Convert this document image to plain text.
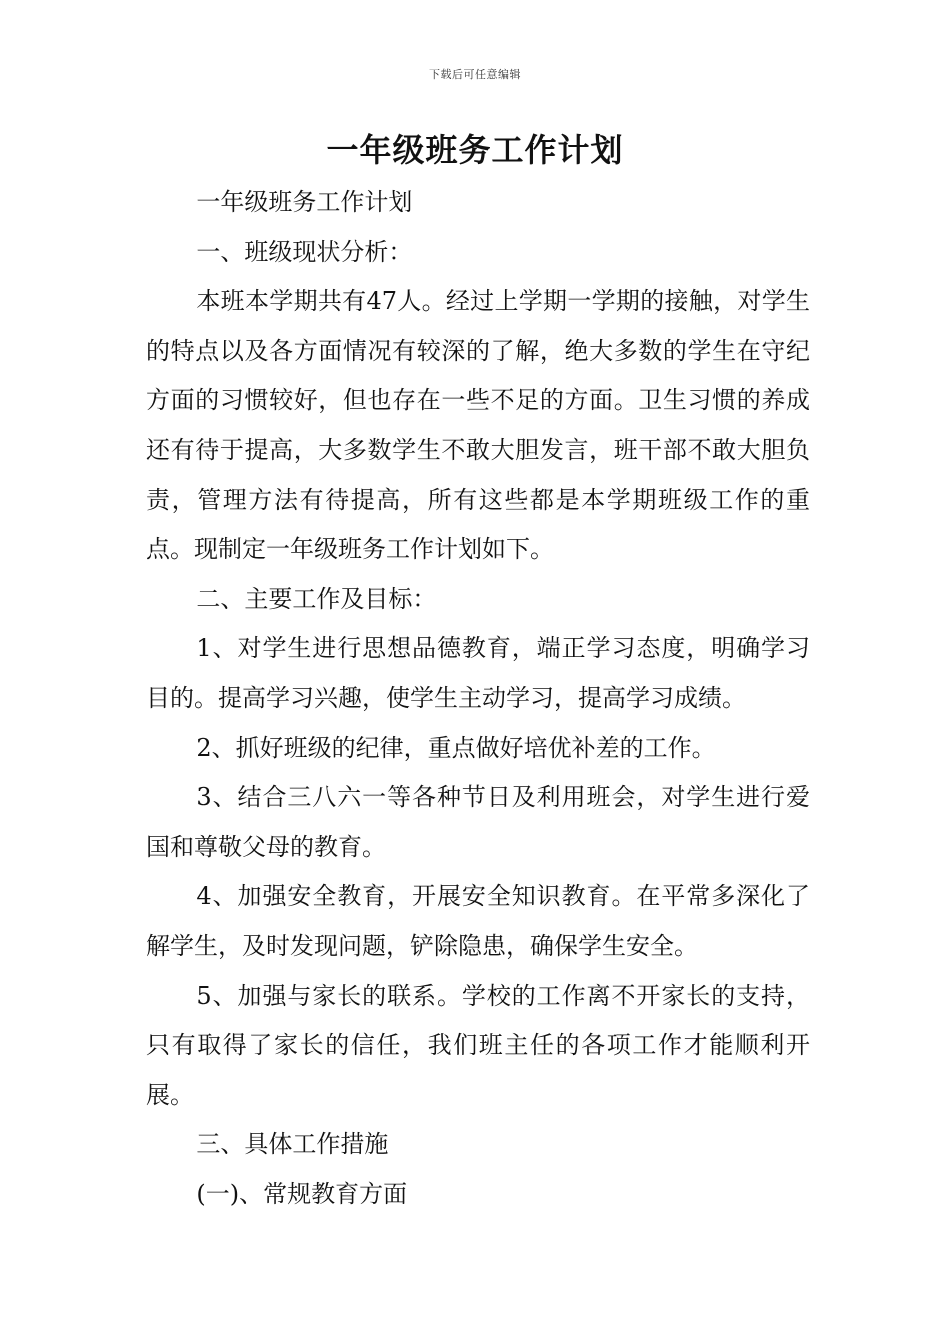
下载后可任意编辑
一年级班务工作计划

一年级班务工作计划

一、班级现状分析：

本班本学期共有47人。经过上学期一学期的接触，对学生的特点以及各方面情况有较深的了解，绝大多数的学生在守纪方面的习惯较好，但也存在一些不足的方面。卫生习惯的养成还有待于提高，大多数学生不敢大胆发言，班干部不敢大胆负责，管理方法有待提高，所有这些都是本学期班级工作的重点。现制定一年级班务工作计划如下。

二、主要工作及目标：

1、对学生进行思想品德教育，端正学习态度，明确学习目的。提高学习兴趣，使学生主动学习，提高学习成绩。

2、抓好班级的纪律，重点做好培优补差的工作。

3、结合三八六一等各种节日及利用班会，对学生进行爱国和尊敬父母的教育。

4、加强安全教育，开展安全知识教育。在平常多深化了解学生，及时发现问题，铲除隐患，确保学生安全。

5、加强与家长的联系。学校的工作离不开家长的支持，只有取得了家长的信任，我们班主任的各项工作才能顺利开展。

三、具体工作措施

(一)、常规教育方面
